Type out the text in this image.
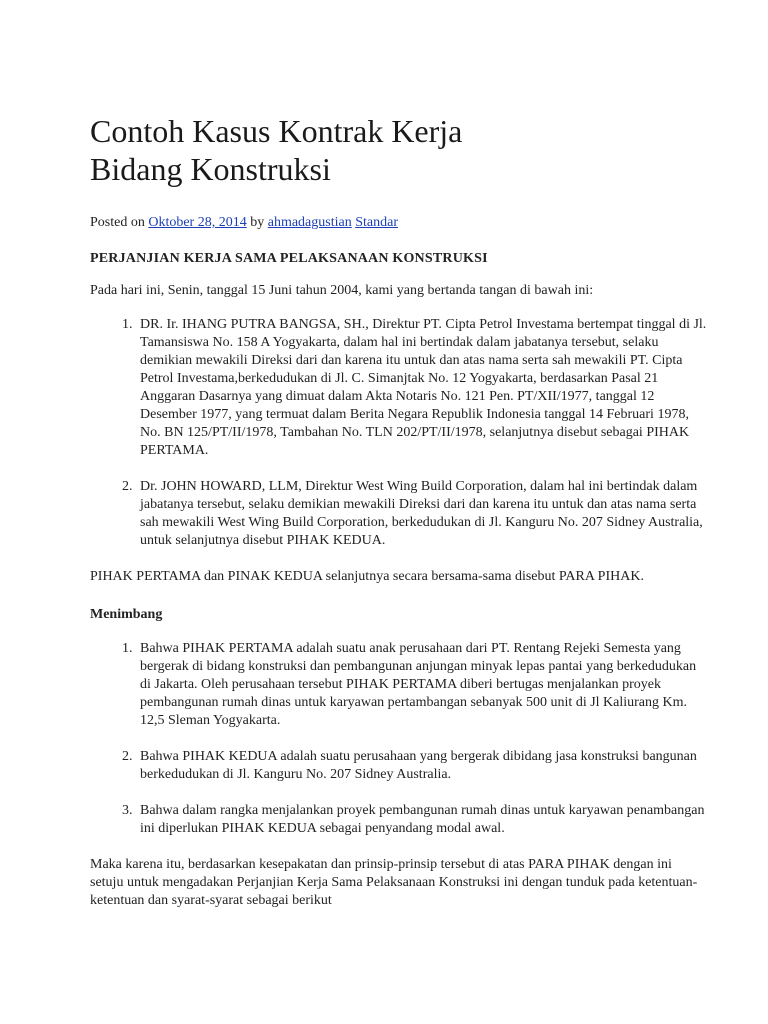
Contoh Kasus Kontrak Kerja Bidang Konstruksi
Posted on Oktober 28, 2014 by ahmadagustian Standar
PERJANJIAN KERJA SAMA PELAKSANAAN KONSTRUKSI

Pada hari ini, Senin, tanggal 15 Juni tahun 2004, kami yang bertanda tangan di bawah ini:

1. DR. Ir. IHANG PUTRA BANGSA, SH., Direktur PT. Cipta Petrol Investama bertempat tinggal di Jl. Tamansiswa No. 158 A Yogyakarta, dalam hal ini bertindak dalam jabatanya tersebut, selaku demikian mewakili Direksi dari dan karena itu untuk dan atas nama serta sah mewakili PT. Cipta Petrol Investama,berkedudukan di Jl. C. Simanjtak No. 12 Yogyakarta, berdasarkan Pasal 21 Anggaran Dasarnya yang dimuat dalam Akta Notaris No. 121 Pen. PT/XII/1977, tanggal 12 Desember 1977, yang termuat dalam Berita Negara Republik Indonesia tanggal 14 Februari 1978, No. BN 125/PT/II/1978, Tambahan No. TLN 202/PT/II/1978, selanjutnya disebut sebagai PIHAK PERTAMA.
2. Dr. JOHN HOWARD, LLM, Direktur West Wing Build Corporation, dalam hal ini bertindak dalam jabatanya tersebut, selaku demikian mewakili Direksi dari dan karena itu untuk dan atas nama serta sah mewakili West Wing Build Corporation, berkedudukan di Jl. Kanguru No. 207 Sidney Australia, untuk selanjutnya disebut PIHAK KEDUA.

PIHAK PERTAMA dan PINAK KEDUA selanjutnya secara bersama-sama disebut PARA PIHAK.

Menimbang
1. Bahwa PIHAK PERTAMA adalah suatu anak perusahaan dari PT. Rentang Rejeki Semesta yang bergerak di bidang konstruksi dan pembangunan anjungan minyak lepas pantai yang berkedudukan di Jakarta. Oleh perusahaan tersebut PIHAK PERTAMA diberi bertugas menjalankan proyek pembangunan rumah dinas untuk karyawan pertambangan sebanyak 500 unit di Jl Kaliurang Km. 12,5 Sleman Yogyakarta.
2. Bahwa PIHAK KEDUA adalah suatu perusahaan yang bergerak dibidang jasa konstruksi bangunan berkedudukan di Jl. Kanguru No. 207 Sidney Australia.
3. Bahwa dalam rangka menjalankan proyek pembangunan rumah dinas untuk karyawan penambangan ini diperlukan PIHAK KEDUA sebagai penyandang modal awal.

Maka karena itu, berdasarkan kesepakatan dan prinsip-prinsip tersebut di atas PARA PIHAK dengan ini setuju untuk mengadakan Perjanjian Kerja Sama Pelaksanaan Konstruksi ini dengan tunduk pada ketentuan-ketentuan dan syarat-syarat sebagai berikut
